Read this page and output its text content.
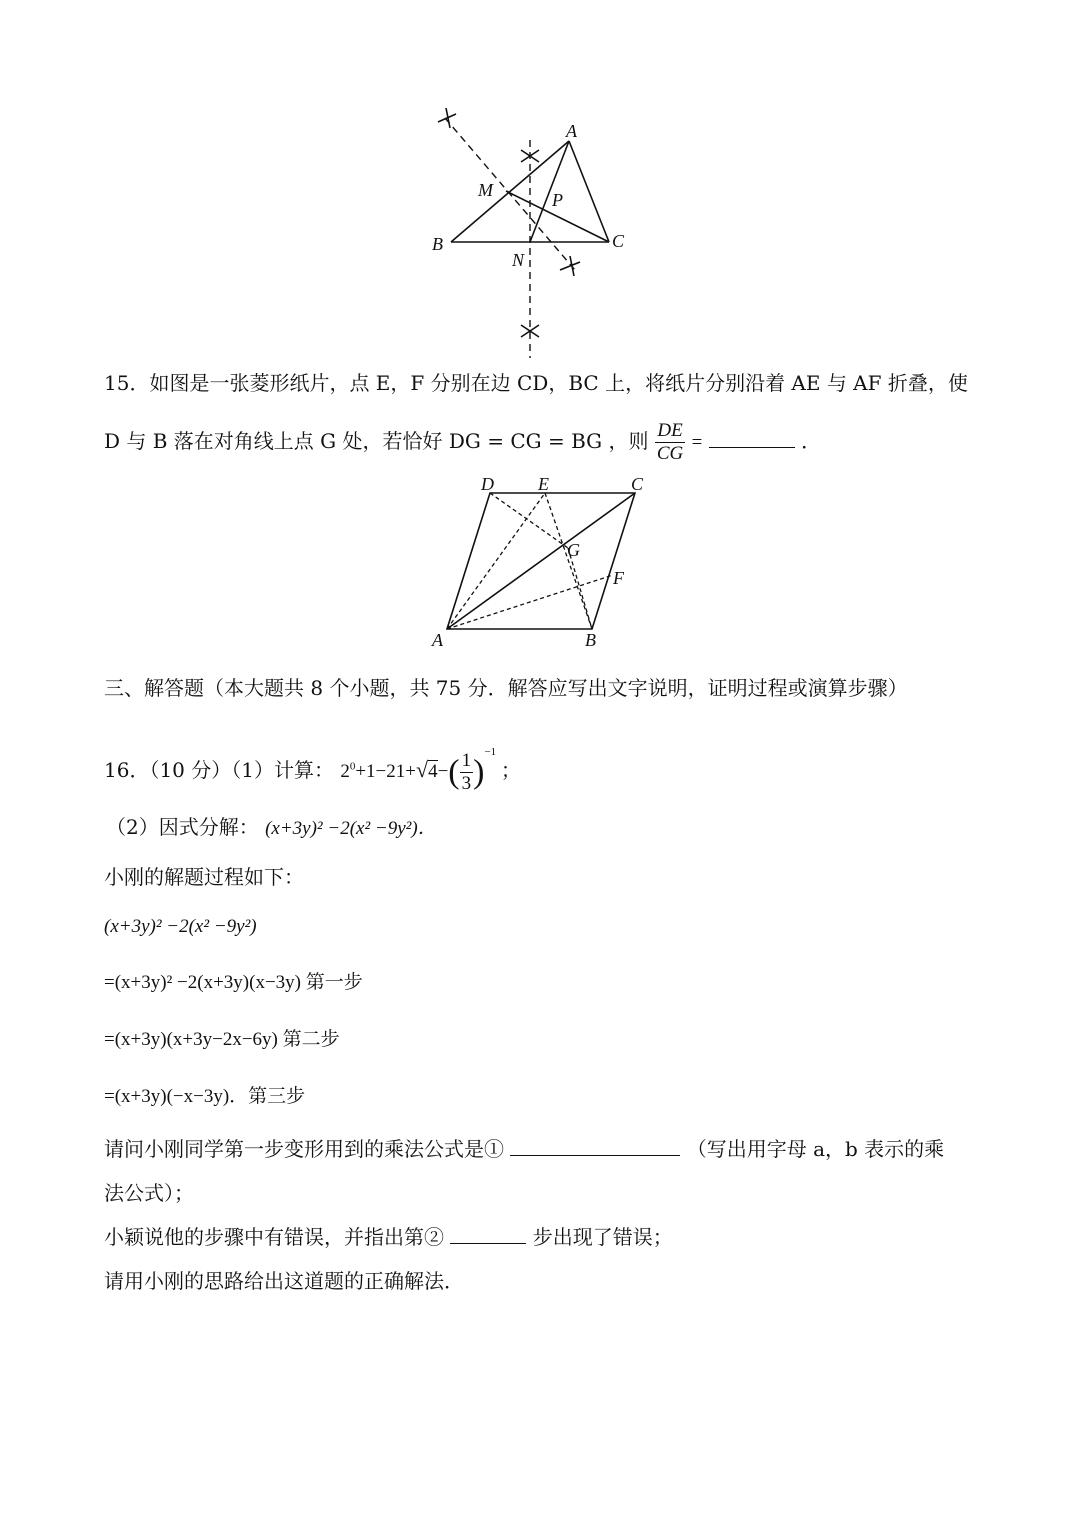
A
B	C
M
N
P
15．如图是一张菱形纸片，点 E，F 分别在边 CD，BC 上，将纸片分别沿着 AE 与 AF 折叠，使
D 与 B 落在对角线上点 G 处，若恰好 DG = CG = BG ，则 $\frac{DE}{CG}$ =	．
D E	C
G
F
A	B
三、解答题（本大题共 8 个小题，共 75 分．解答应写出文字说明，证明过程或演算步骤）
16．（10 分）（1）计算： $2^0+1-21+√4-( \frac{1}{3} )^{-1}$ ；
（2）因式分解： (x+3y)² −2(x² −9y²)．
小刚的解题过程如下：
(x+3y)² −2(x² −9y²)
=(x+3y)² −2(x+3y)(x−3y) 第一步
=(x+3y)(x+3y−2x−6y) 第二步
=(x+3y)(−x−3y)．第三步
请问小刚同学第一步变形用到的乘法公式是①	（写出用字母 a，b 表示的乘
法公式）；
小颖说他的步骤中有错误，并指出第②	步出现了错误；
请用小刚的思路给出这道题的正确解法．
